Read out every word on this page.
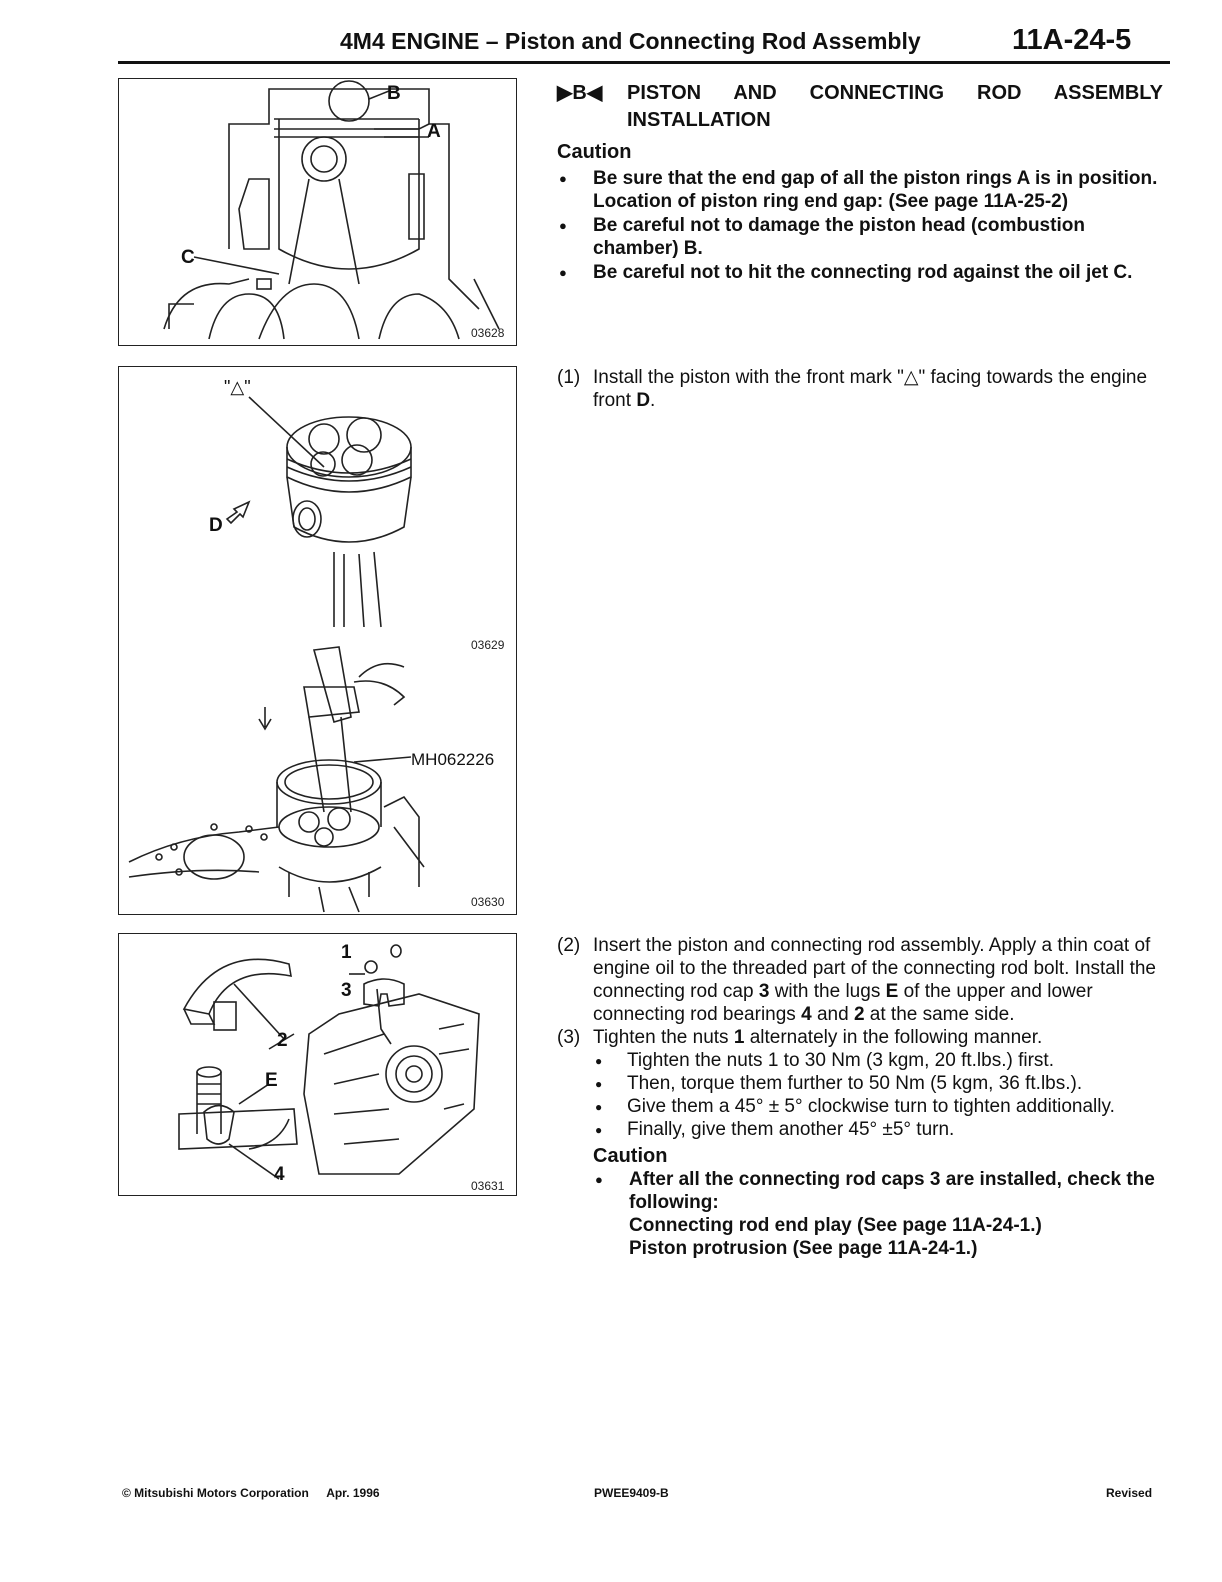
4M4 ENGINE – Piston and Connecting Rod Assembly	11A-24-5
B
A
C
03628
"△"
D
03629
MH062226
03630
1
3
2
E
4
03631
▶B◀ PISTON AND CONNECTING ROD ASSEMBLY
INSTALLATION
Caution
● Be sure that the end gap of all the piston rings A is in position. Location of piston ring end gap: (See page 11A-25-2)
● Be careful not to damage the piston head (combustion chamber) B.
● Be careful not to hit the connecting rod against the oil jet C.
(1) Install the piston with the front mark "△" facing towards the engine front D.
(2) Insert the piston and connecting rod assembly. Apply a thin coat of engine oil to the threaded part of the connecting rod bolt. Install the connecting rod cap 3 with the lugs E of the upper and lower connecting rod bearings 4 and 2 at the same side.
(3) Tighten the nuts 1 alternately in the following manner.
● Tighten the nuts 1 to 30 Nm (3 kgm, 20 ft.lbs.) first.
● Then, torque them further to 50 Nm (5 kgm, 36 ft.lbs.).
● Give them a 45° ± 5° clockwise turn to tighten additionally.
● Finally, give them another 45° ±5° turn.
Caution
● After all the connecting rod caps 3 are installed, check the following:
Connecting rod end play (See page 11A-24-1.)
Piston protrusion (See page 11A-24-1.)
© Mitsubishi Motors Corporation Apr. 1996	PWEE9409-B	Revised
